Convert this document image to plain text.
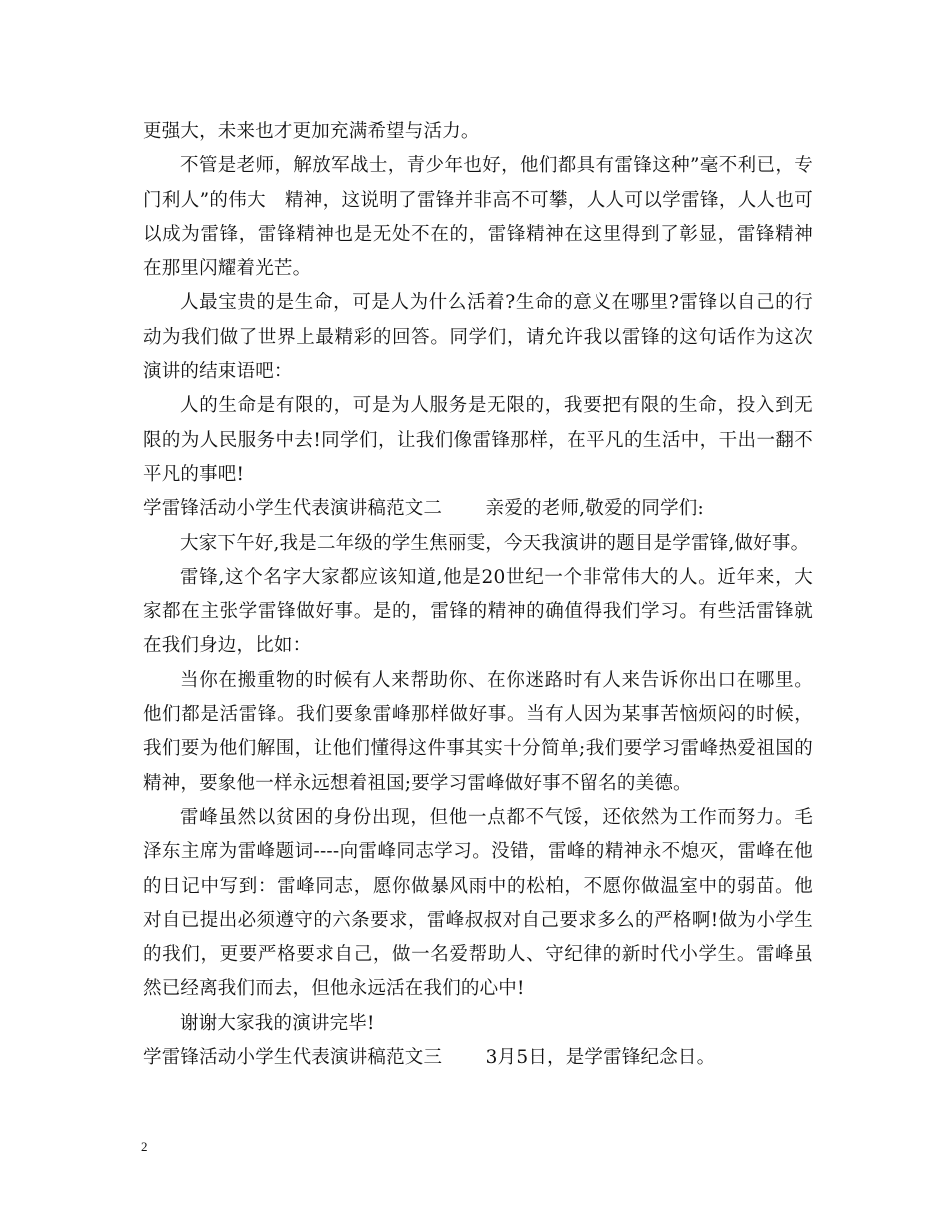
更强大，未来也才更加充满希望与活力。

不管是老师，解放军战士，青少年也好，他们都具有雷锋这种”毫不利已，专门利人”的伟大　精神，这说明了雷锋并非高不可攀，人人可以学雷锋，人人也可以成为雷锋，雷锋精神也是无处不在的，雷锋精神在这里得到了彰显，雷锋精神在那里闪耀着光芒。

人最宝贵的是生命，可是人为什么活着?生命的意义在哪里?雷锋以自己的行动为我们做了世界上最精彩的回答。同学们，请允许我以雷锋的这句话作为这次演讲的结束语吧：

人的生命是有限的，可是为人服务是无限的，我要把有限的生命，投入到无限的为人民服务中去!同学们，让我们像雷锋那样，在平凡的生活中，干出一翻不平凡的事吧!

学雷锋活动小学生代表演讲稿范文二　　 亲爱的老师,敬爱的同学们:

大家下午好,我是二年级的学生焦丽雯，今天我演讲的题目是学雷锋,做好事。

雷锋,这个名字大家都应该知道,他是20世纪一个非常伟大的人。近年来，大家都在主张学雷锋做好事。是的，雷锋的精神的确值得我们学习。有些活雷锋就在我们身边，比如：

当你在搬重物的时候有人来帮助你、在你迷路时有人来告诉你出口在哪里。他们都是活雷锋。我们要象雷峰那样做好事。当有人因为某事苦恼烦闷的时候，我们要为他们解围，让他们懂得这件事其实十分简单;我们要学习雷峰热爱祖国的精神，要象他一样永远想着祖国;要学习雷峰做好事不留名的美德。

雷峰虽然以贫困的身份出现，但他一点都不气馁，还依然为工作而努力。毛泽东主席为雷峰题词----向雷峰同志学习。没错，雷峰的精神永不熄灭，雷峰在他的日记中写到：雷峰同志，愿你做暴风雨中的松柏，不愿你做温室中的弱苗。他对自已提出必须遵守的六条要求，雷峰叔叔对自己要求多么的严格啊!做为小学生的我们，更要严格要求自己，做一名爱帮助人、守纪律的新时代小学生。雷峰虽然已经离我们而去，但他永远活在我们的心中!

谢谢大家我的演讲完毕!

学雷锋活动小学生代表演讲稿范文三　　 3月5日，是学雷锋纪念日。

2
